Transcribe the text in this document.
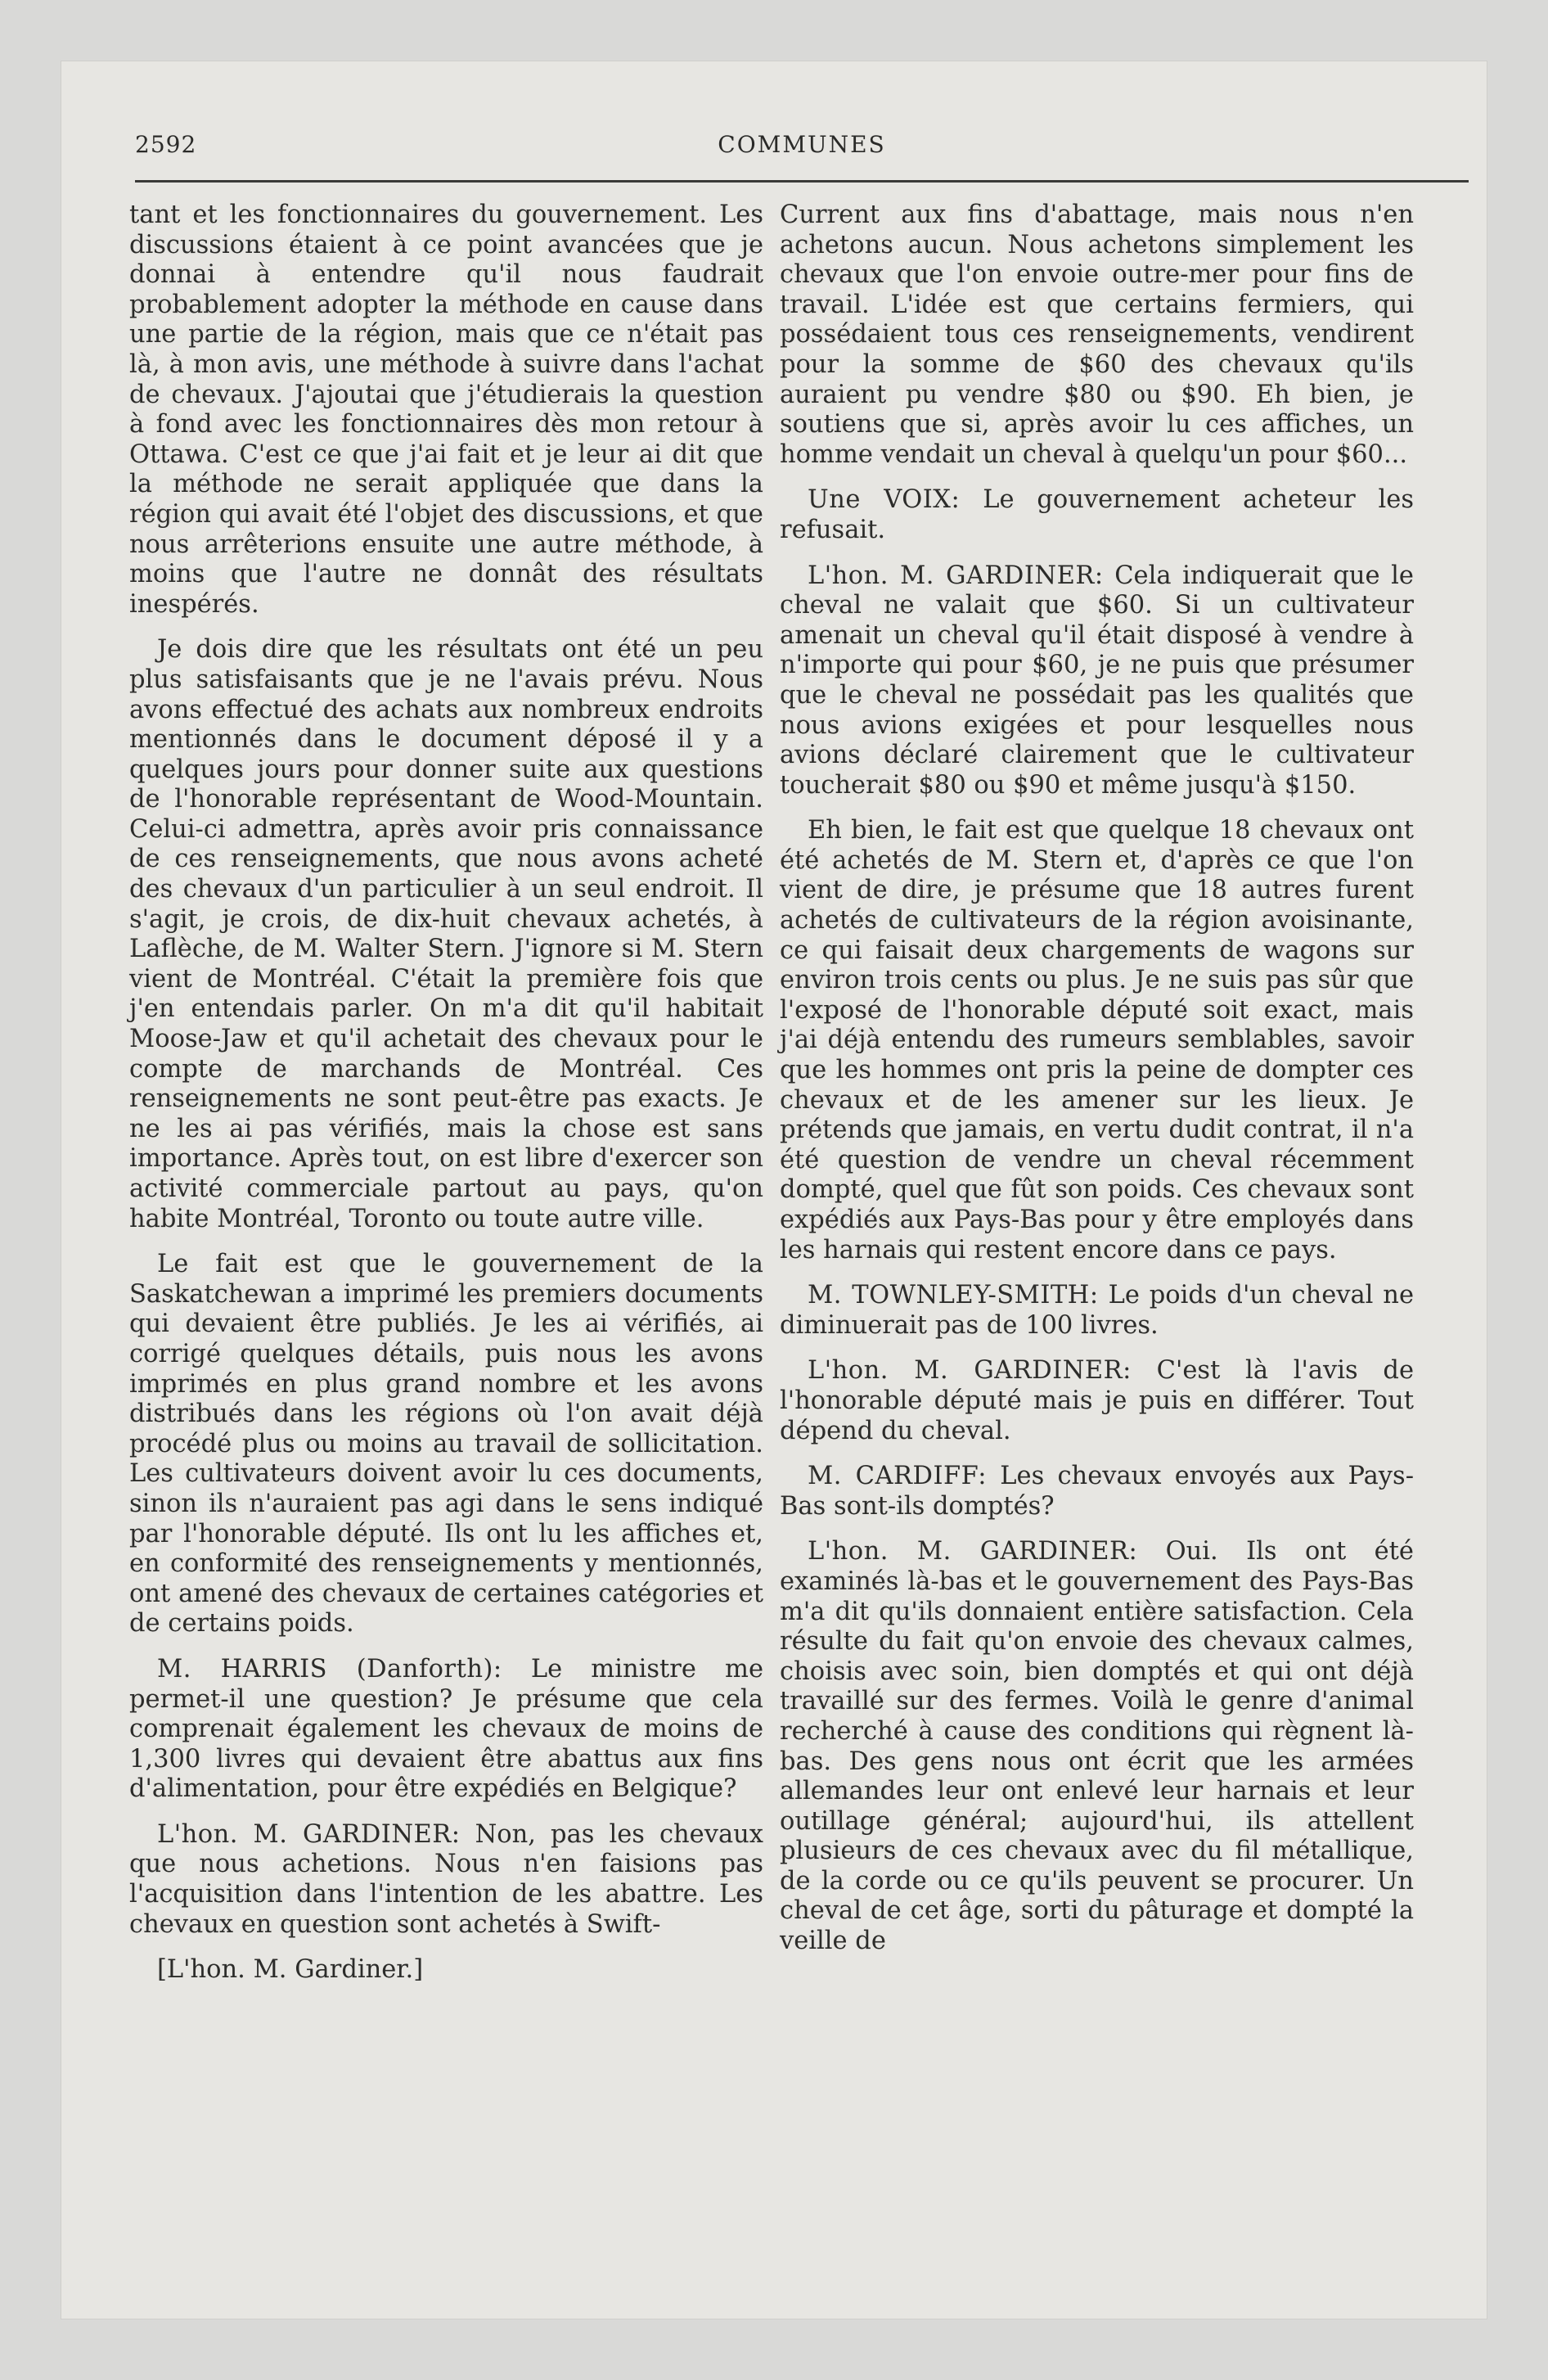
2592	COMMUNES

tant et les fonctionnaires du gouvernement. Les discussions étaient à ce point avancées que je donnai à entendre qu'il nous faudrait probablement adopter la méthode en cause dans une partie de la région, mais que ce n'était pas là, à mon avis, une méthode à suivre dans l'achat de chevaux. J'ajoutai que j'étudierais la question à fond avec les fonctionnaires dès mon retour à Ottawa. C'est ce que j'ai fait et je leur ai dit que la méthode ne serait appliquée que dans la région qui avait été l'objet des discussions, et que nous arrêterions ensuite une autre méthode, à moins que l'autre ne donnât des résultats inespérés.

Je dois dire que les résultats ont été un peu plus satisfaisants que je ne l'avais prévu. Nous avons effectué des achats aux nombreux endroits mentionnés dans le document déposé il y a quelques jours pour donner suite aux questions de l'honorable représentant de Wood-Mountain. Celui-ci admettra, après avoir pris connaissance de ces renseignements, que nous avons acheté des chevaux d'un particulier à un seul endroit. Il s'agit, je crois, de dix-huit chevaux achetés, à Laflèche, de M. Walter Stern. J'ignore si M. Stern vient de Montréal. C'était la première fois que j'en entendais parler. On m'a dit qu'il habitait Moose-Jaw et qu'il achetait des chevaux pour le compte de marchands de Montréal. Ces renseignements ne sont peut-être pas exacts. Je ne les ai pas vérifiés, mais la chose est sans importance. Après tout, on est libre d'exercer son activité commerciale partout au pays, qu'on habite Montréal, Toronto ou toute autre ville.

Le fait est que le gouvernement de la Saskatchewan a imprimé les premiers documents qui devaient être publiés. Je les ai vérifiés, ai corrigé quelques détails, puis nous les avons imprimés en plus grand nombre et les avons distribués dans les régions où l'on avait déjà procédé plus ou moins au travail de sollicitation. Les cultivateurs doivent avoir lu ces documents, sinon ils n'auraient pas agi dans le sens indiqué par l'honorable député. Ils ont lu les affiches et, en conformité des renseignements y mentionnés, ont amené des chevaux de certaines catégories et de certains poids.

M. HARRIS (Danforth): Le ministre me permet-il une question? Je présume que cela comprenait également les chevaux de moins de 1,300 livres qui devaient être abattus aux fins d'alimentation, pour être expédiés en Belgique?

L'hon. M. GARDINER: Non, pas les chevaux que nous achetions. Nous n'en faisions pas l'acquisition dans l'intention de les abattre. Les chevaux en question sont achetés à Swift-

[L'hon. M. Gardiner.]

Current aux fins d'abattage, mais nous n'en achetons aucun. Nous achetons simplement les chevaux que l'on envoie outre-mer pour fins de travail. L'idée est que certains fermiers, qui possédaient tous ces renseignements, vendirent pour la somme de $60 des chevaux qu'ils auraient pu vendre $80 ou $90. Eh bien, je soutiens que si, après avoir lu ces affiches, un homme vendait un cheval à quelqu'un pour $60...

Une VOIX: Le gouvernement acheteur les refusait.

L'hon. M. GARDINER: Cela indiquerait que le cheval ne valait que $60. Si un cultivateur amenait un cheval qu'il était disposé à vendre à n'importe qui pour $60, je ne puis que présumer que le cheval ne possédait pas les qualités que nous avions exigées et pour lesquelles nous avions déclaré clairement que le cultivateur toucherait $80 ou $90 et même jusqu'à $150.

Eh bien, le fait est que quelque 18 chevaux ont été achetés de M. Stern et, d'après ce que l'on vient de dire, je présume que 18 autres furent achetés de cultivateurs de la région avoisinante, ce qui faisait deux chargements de wagons sur environ trois cents ou plus. Je ne suis pas sûr que l'exposé de l'honorable député soit exact, mais j'ai déjà entendu des rumeurs semblables, savoir que les hommes ont pris la peine de dompter ces chevaux et de les amener sur les lieux. Je prétends que jamais, en vertu dudit contrat, il n'a été question de vendre un cheval récemment dompté, quel que fût son poids. Ces chevaux sont expédiés aux Pays-Bas pour y être employés dans les harnais qui restent encore dans ce pays.

M. TOWNLEY-SMITH: Le poids d'un cheval ne diminuerait pas de 100 livres.

L'hon. M. GARDINER: C'est là l'avis de l'honorable député mais je puis en différer. Tout dépend du cheval.

M. CARDIFF: Les chevaux envoyés aux Pays-Bas sont-ils domptés?

L'hon. M. GARDINER: Oui. Ils ont été examinés là-bas et le gouvernement des Pays-Bas m'a dit qu'ils donnaient entière satisfaction. Cela résulte du fait qu'on envoie des chevaux calmes, choisis avec soin, bien domptés et qui ont déjà travaillé sur des fermes. Voilà le genre d'animal recherché à cause des conditions qui règnent là-bas. Des gens nous ont écrit que les armées allemandes leur ont enlevé leur harnais et leur outillage général; aujourd'hui, ils attellent plusieurs de ces chevaux avec du fil métallique, de la corde ou ce qu'ils peuvent se procurer. Un cheval de cet âge, sorti du pâturage et dompté la veille de
